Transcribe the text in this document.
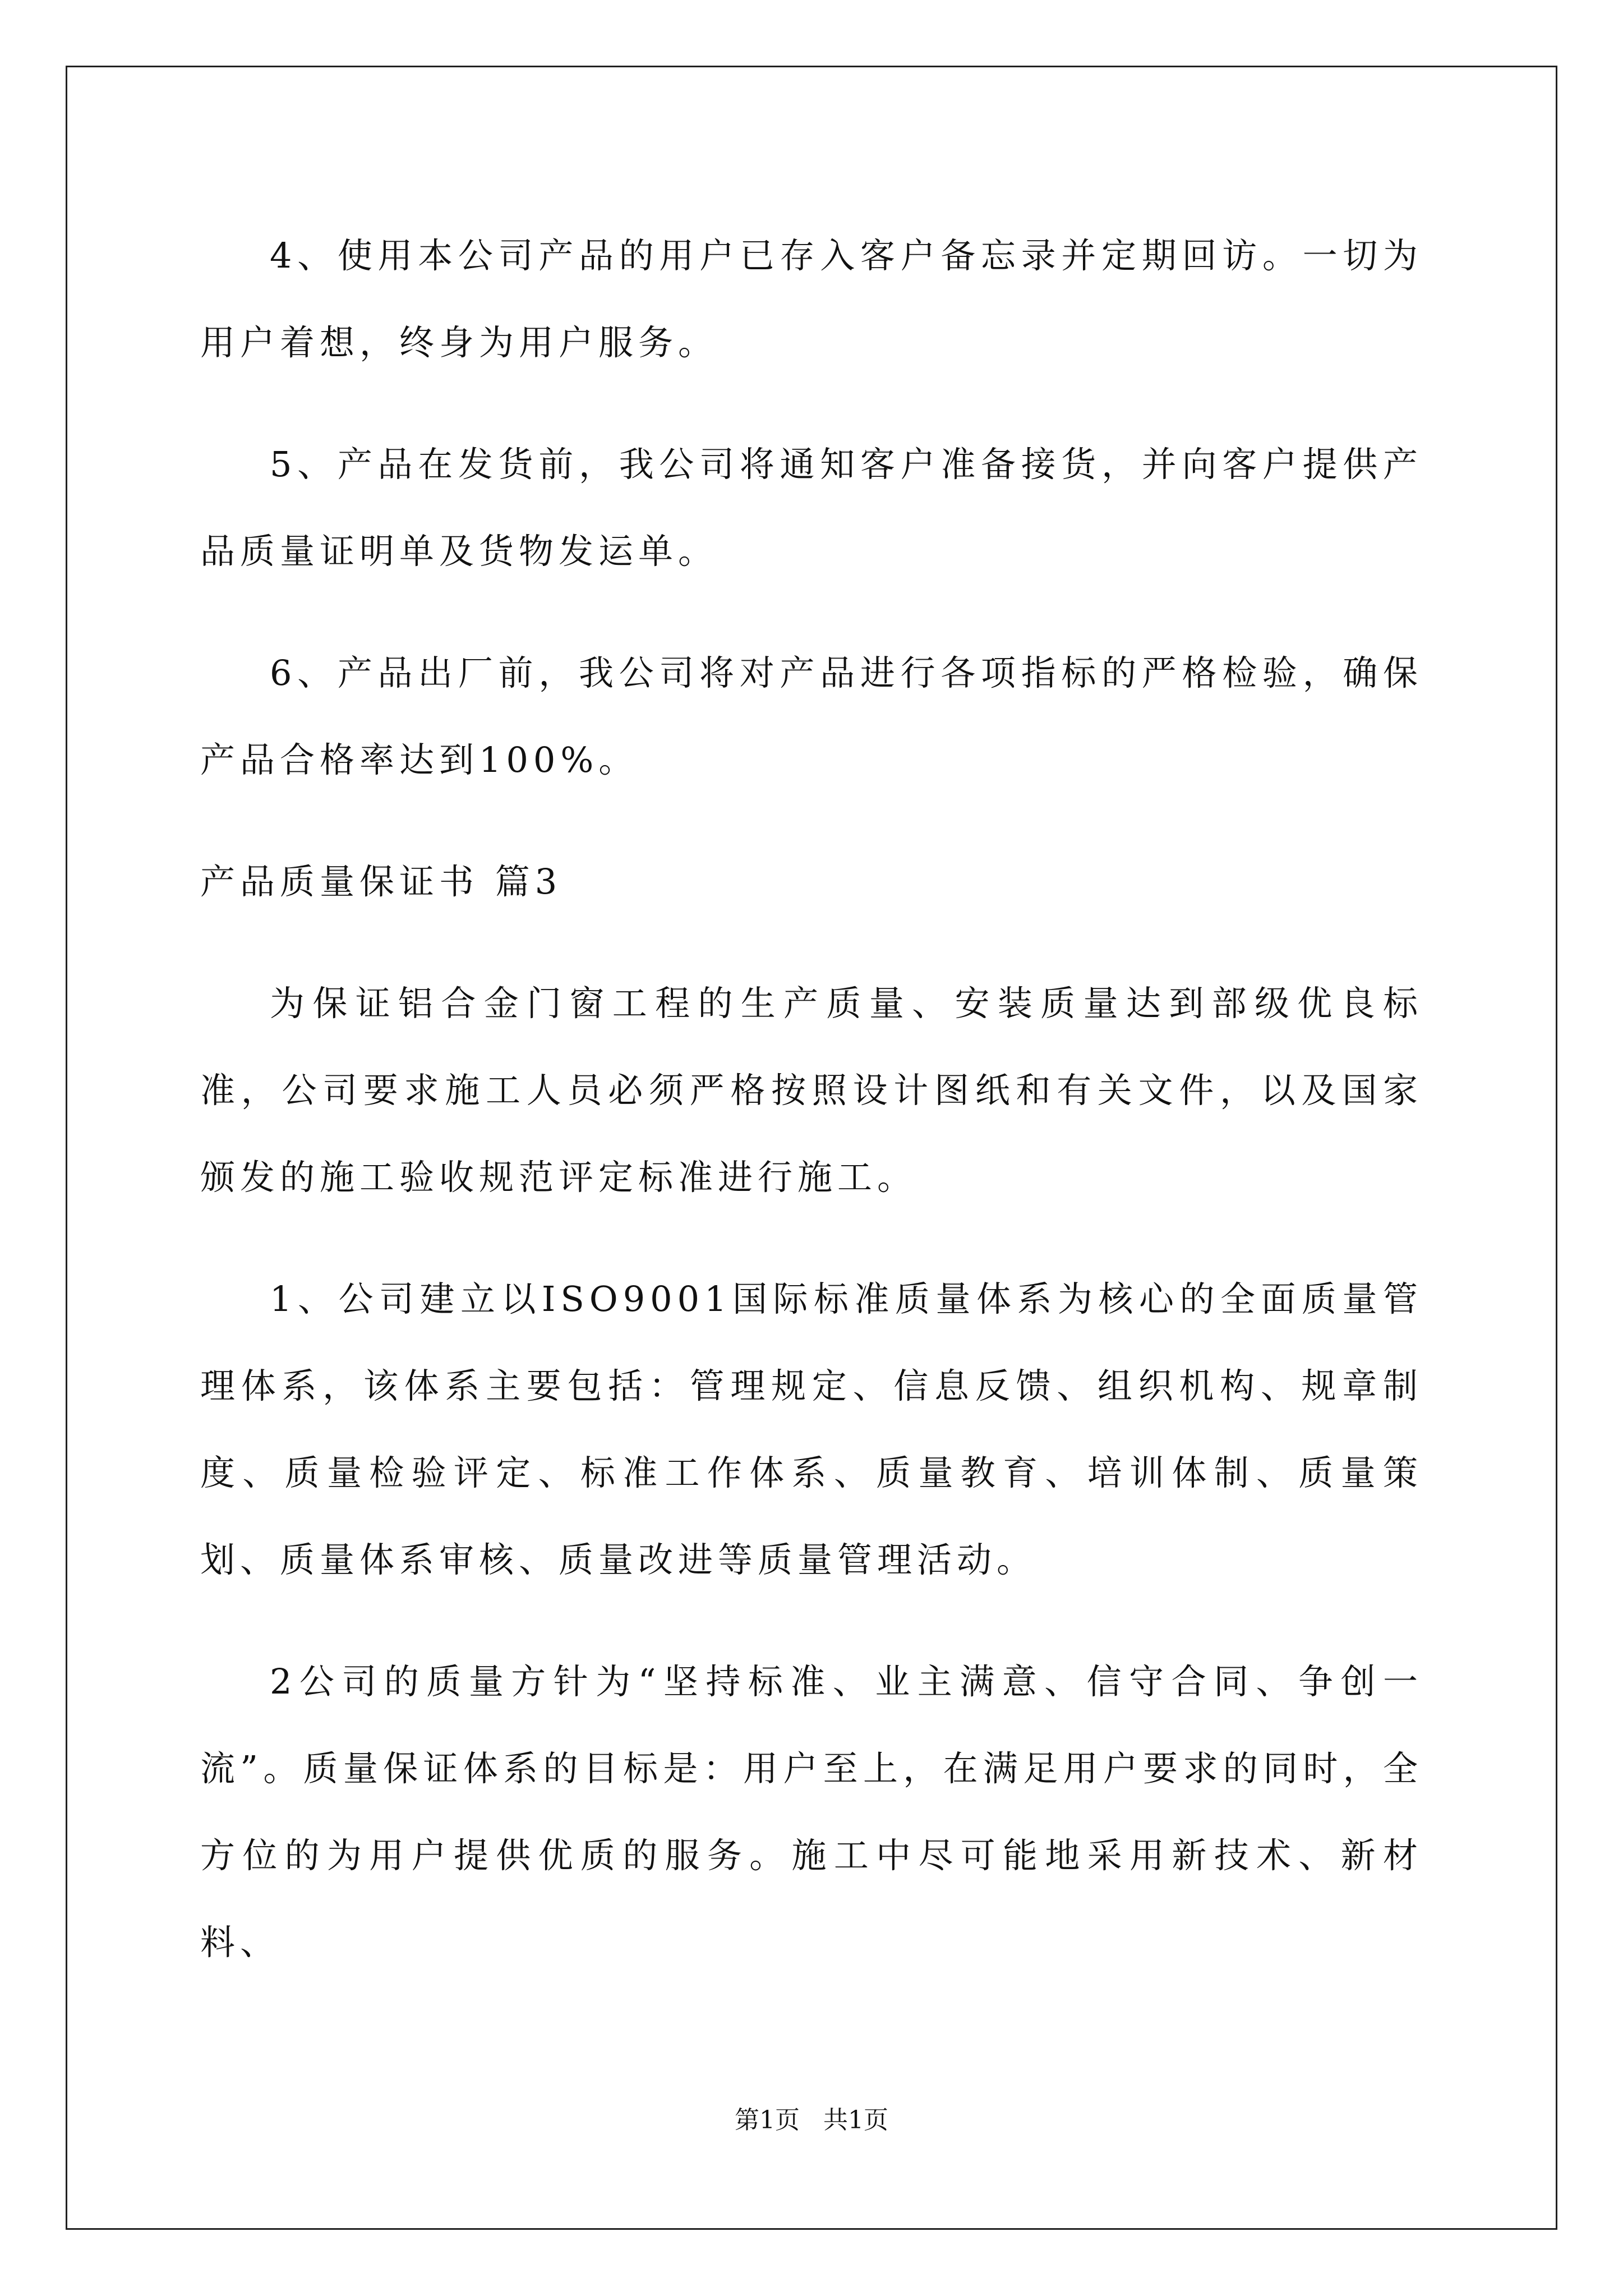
4、使用本公司产品的用户已存入客户备忘录并定期回访。一切为用户着想，终身为用户服务。

5、产品在发货前，我公司将通知客户准备接货，并向客户提供产品质量证明单及货物发运单。

6、产品出厂前，我公司将对产品进行各项指标的严格检验，确保产品合格率达到100%。

产品质量保证书 篇3

为保证铝合金门窗工程的生产质量、安装质量达到部级优良标准，公司要求施工人员必须严格按照设计图纸和有关文件，以及国家颁发的施工验收规范评定标准进行施工。

1、公司建立以ISO9001国际标准质量体系为核心的全面质量管理体系，该体系主要包括：管理规定、信息反馈、组织机构、规章制度、质量检验评定、标准工作体系、质量教育、培训体制、质量策划、质量体系审核、质量改进等质量管理活动。

2公司的质量方针为“坚持标准、业主满意、信守合同、争创一流”。质量保证体系的目标是：用户至上，在满足用户要求的同时，全方位的为用户提供优质的服务。施工中尽可能地采用新技术、新材料、

第1页 共1页
